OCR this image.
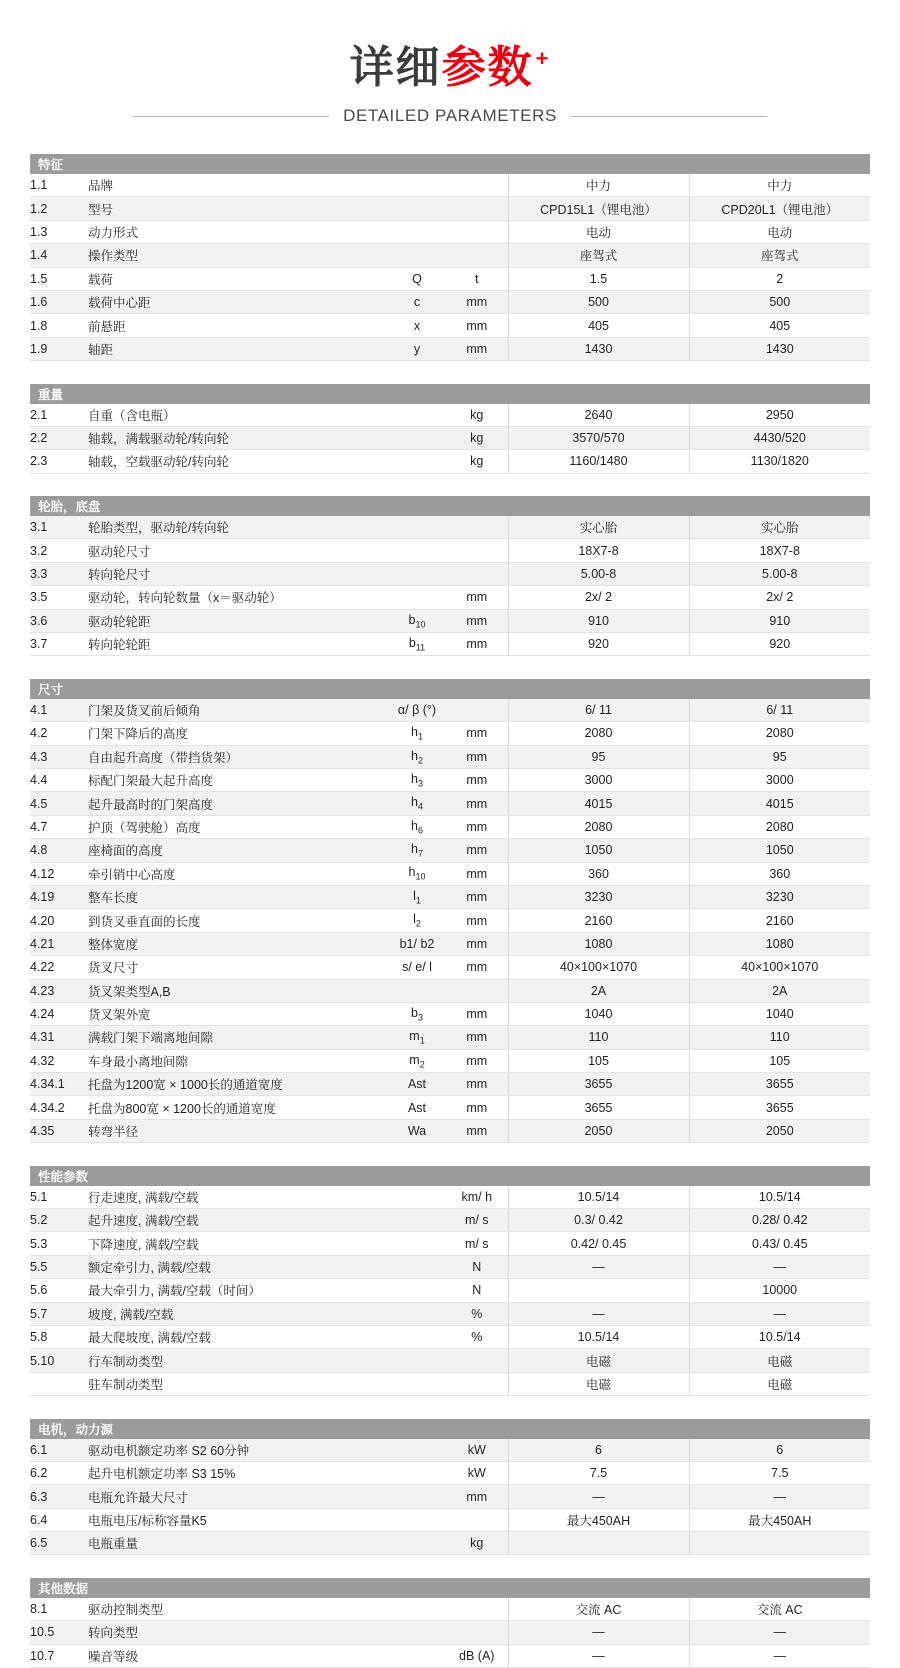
详细参数+
DETAILED PARAMETERS
特征					
1.1	品牌			中力	中力
1.2	型号			CPD15L1（锂电池）	CPD20L1（锂电池）
1.3	动力形式			电动	电动
1.4	操作类型			座驾式	座驾式
1.5	载荷	Q	t	1.5	2
1.6	载荷中心距	c	mm	500	500
1.8	前悬距	x	mm	405	405
1.9	轴距	y	mm	1430	1430

重量					
2.1	自重（含电瓶）		kg	2640	2950
2.2	轴载，满载驱动轮/转向轮		kg	3570/570	4430/520
2.3	轴载，空载驱动轮/转向轮		kg	1160/1480	1130/1820

轮胎，底盘					
3.1	轮胎类型，驱动轮/转向轮			实心胎	实心胎
3.2	驱动轮尺寸			18X7-8	18X7-8
3.3	转向轮尺寸			5.00-8	5.00-8
3.5	驱动轮，转向轮数量（x＝驱动轮）		mm	2x/ 2	2x/ 2
3.6	驱动轮轮距	$b_{10}$	mm	910	910
3.7	转向轮轮距	$b_{11}$	mm	920	920

尺寸					
4.1	门架及货叉前后倾角	α/ β (°)		6/ 11	6/ 11
4.2	门架下降后的高度	$h_1$	mm	2080	2080
4.3	自由起升高度（带挡货架）	$h_2$	mm	95	95
4.4	标配门架最大起升高度	$h_3$	mm	3000	3000
4.5	起升最高时的门架高度	$h_4$	mm	4015	4015
4.7	护顶（驾驶舱）高度	$h_6$	mm	2080	2080
4.8	座椅面的高度	$h_7$	mm	1050	1050
4.12	牵引销中心高度	$h_{10}$	mm	360	360
4.19	整车长度	$l_1$	mm	3230	3230
4.20	到货叉垂直面的长度	$l_2$	mm	2160	2160
4.21	整体宽度	b1/ b2	mm	1080	1080
4.22	货叉尺寸	s/ e/ l	mm	40×100×1070	40×100×1070
4.23	货叉架类型A,B			2A	2A
4.24	货叉架外宽	$b_3$	mm	1040	1040
4.31	满载门架下端离地间隙	$m_1$	mm	110	110
4.32	车身最小离地间隙	$m_2$	mm	105	105
4.34.1	托盘为1200宽 × 1000长的通道宽度	Ast	mm	3655	3655
4.34.2	托盘为800宽 × 1200长的通道宽度	Ast	mm	3655	3655
4.35	转弯半径	Wa	mm	2050	2050

性能参数					
5.1	行走速度, 满载/空载		km/ h	10.5/14	10.5/14
5.2	起升速度, 满载/空载		m/ s	0.3/ 0.42	0.28/ 0.42
5.3	下降速度, 满载/空载		m/ s	0.42/ 0.45	0.43/ 0.45
5.5	额定牵引力, 满载/空载		N	—	—
5.6	最大牵引力, 满载/空载（时间）		N		10000
5.7	坡度, 满载/空载		%	—	—
5.8	最大爬坡度, 满载/空载		%	10.5/14	10.5/14
5.10	行车制动类型			电磁	电磁
	驻车制动类型			电磁	电磁

电机，动力源					
6.1	驱动电机额定功率 S2 60分钟		kW	6	6
6.2	起升电机额定功率 S3 15%		kW	7.5	7.5
6.3	电瓶允许最大尺寸		mm	—	—
6.4	电瓶电压/标称容量K5			最大450AH	最大450AH
6.5	电瓶重量		kg		

其他数据					
8.1	驱动控制类型			交流 AC	交流 AC
10.5	转向类型			—	—
10.7	噪音等级		dB (A)	—	—
